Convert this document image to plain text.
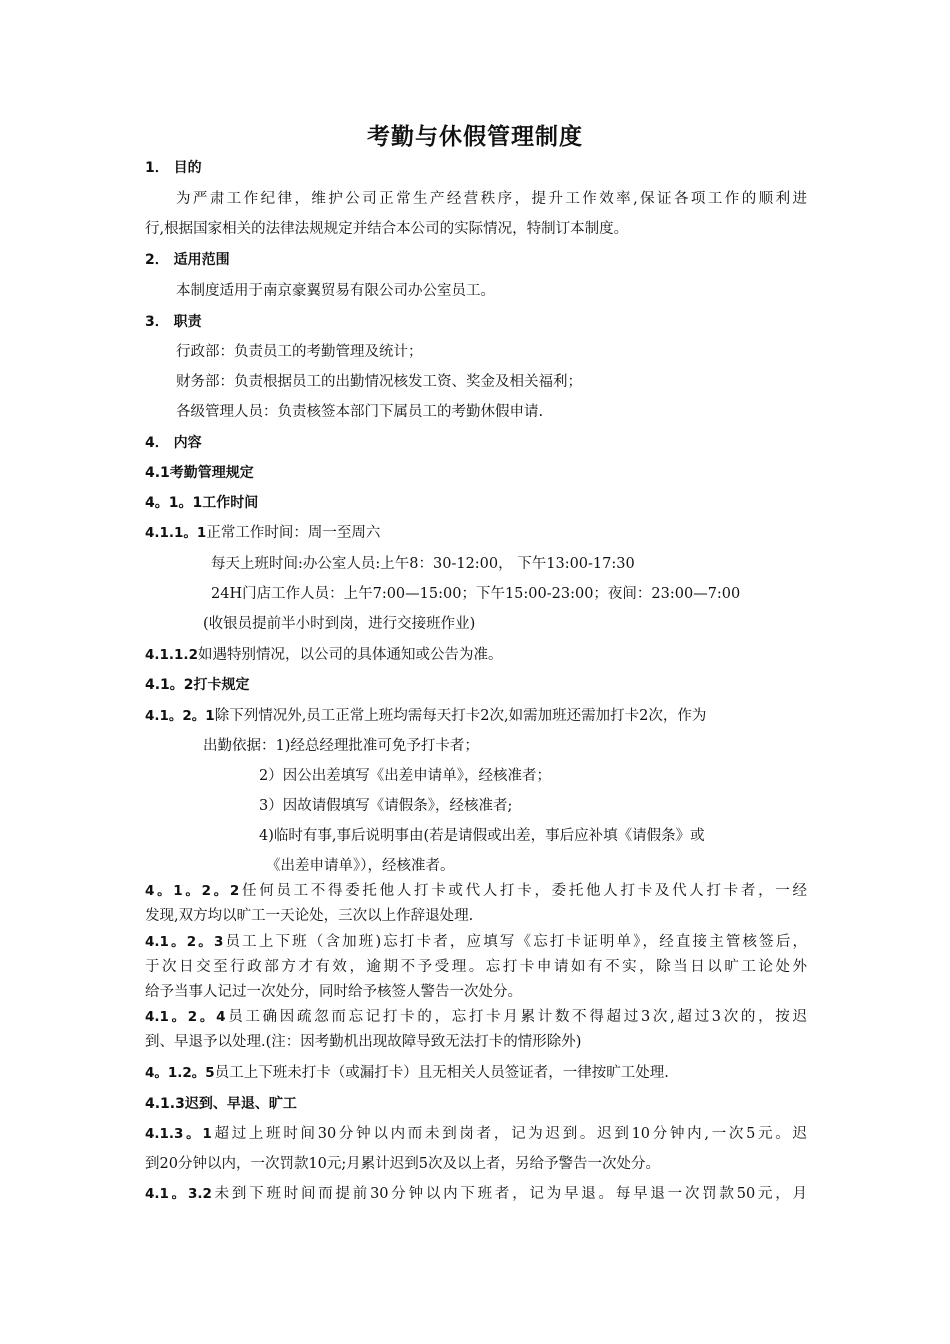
考勤与休假管理制度
1． 目的
为严肃工作纪律，维护公司正常生产经营秩序，提升工作效率,保证各项工作的顺利进
行,根据国家相关的法律法规规定并结合本公司的实际情况，特制订本制度。
2． 适用范围
本制度适用于南京豪翼贸易有限公司办公室员工。
3． 职责
行政部：负责员工的考勤管理及统计；
财务部：负责根据员工的出勤情况核发工资、奖金及相关福利；
各级管理人员：负责核签本部门下属员工的考勤休假申请.
4． 内容
4.1考勤管理规定
4。1。1工作时间
4.1.1。1正常工作时间：周一至周六
每天上班时间:办公室人员:上午8：30-12:00， 下午13:00-17:30
24H门店工作人员：上午7:00—15:00；下午15:00-23:00；夜间：23:00—7:00
(收银员提前半小时到岗，进行交接班作业)
4.1.1.2如遇特别情况，以公司的具体通知或公告为准。
4.1。2打卡规定
4.1。2。1除下列情况外,员工正常上班均需每天打卡2次,如需加班还需加打卡2次，作为
出勤依据：1)经总经理批准可免予打卡者；
2）因公出差填写《出差申请单》，经核准者；
3）因故请假填写《请假条》，经核准者;
4)临时有事,事后说明事由(若是请假或出差，事后应补填《请假条》或
《出差申请单》），经核准者。
4。1。2。2任何员工不得委托他人打卡或代人打卡，委托他人打卡及代人打卡者，一经
发现,双方均以旷工一天论处，三次以上作辞退处理.
4.1。2。3员工上下班（含加班)忘打卡者，应填写《忘打卡证明单》，经直接主管核签后，
于次日交至行政部方才有效，逾期不予受理。忘打卡申请如有不实，除当日以旷工论处外
给予当事人记过一次处分，同时给予核签人警告一次处分。
4.1。2。4员工确因疏忽而忘记打卡的，忘打卡月累计数不得超过3次,超过3次的，按迟
到、早退予以处理.(注：因考勤机出现故障导致无法打卡的情形除外)
4。1.2。5员工上下班未打卡（或漏打卡）且无相关人员签证者，一律按旷工处理.
4.1.3迟到、早退、旷工
4.1.3。1超过上班时间30分钟以内而未到岗者，记为迟到。迟到10分钟内,一次5元。迟
到20分钟以内，一次罚款10元;月累计迟到5次及以上者，另给予警告一次处分。
4.1。3.2未到下班时间而提前30分钟以内下班者，记为早退。每早退一次罚款50元，月
